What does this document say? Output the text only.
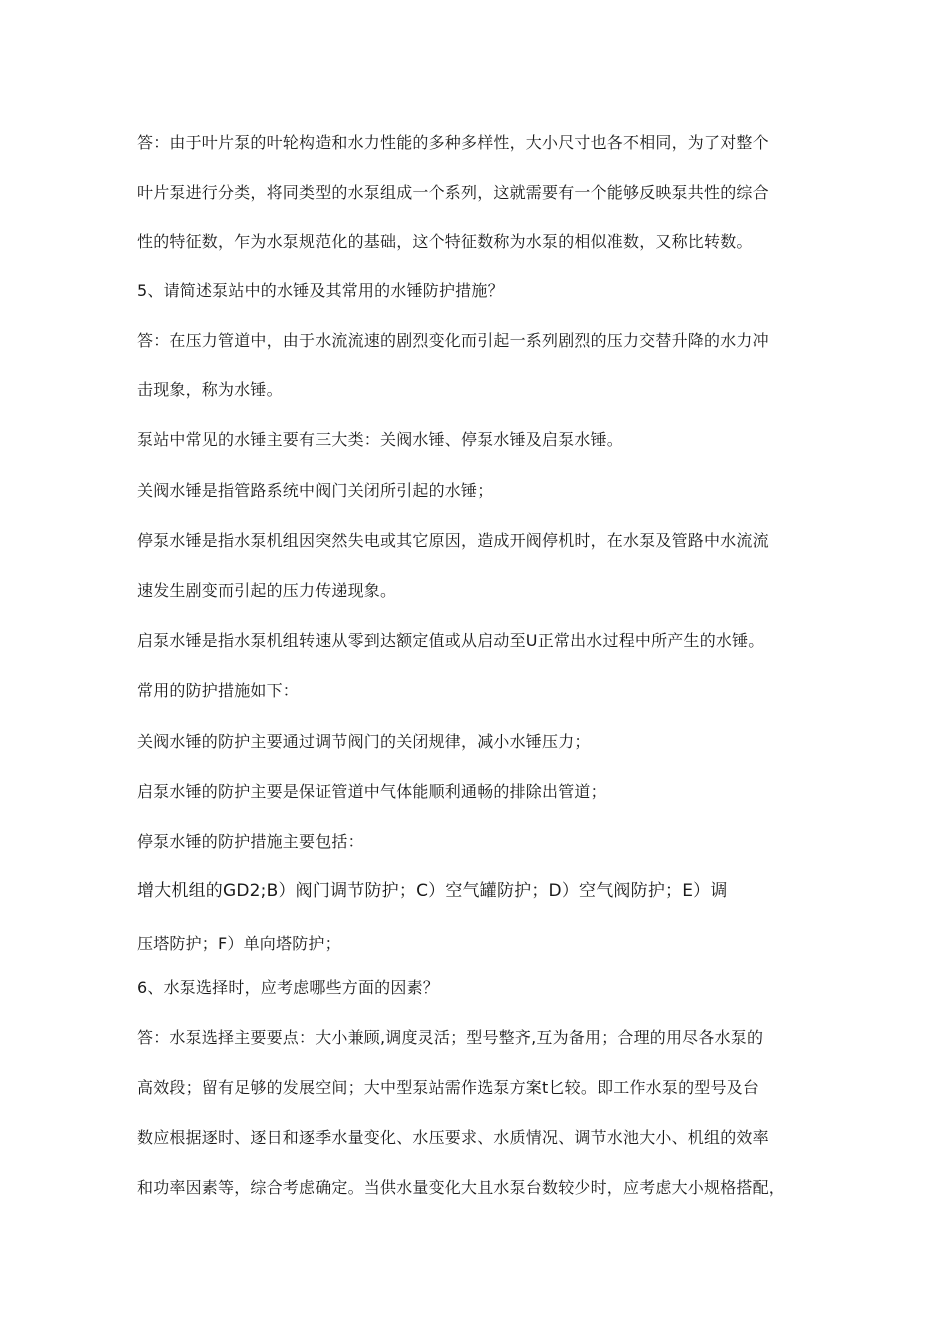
答：由于叶片泵的叶轮构造和水力性能的多种多样性，大小尺寸也各不相同，为了对整个
叶片泵进行分类，将同类型的水泵组成一个系列，这就需要有一个能够反映泵共性的综合
性的特征数，乍为水泵规范化的基础，这个特征数称为水泵的相似准数，又称比转数。
5、请简述泵站中的水锤及其常用的水锤防护措施？
答：在压力管道中，由于水流流速的剧烈变化而引起一系列剧烈的压力交替升降的水力冲
击现象，称为水锤。
泵站中常见的水锤主要有三大类：关阀水锤、停泵水锤及启泵水锤。
关阀水锤是指管路系统中阀门关闭所引起的水锤；
停泵水锤是指水泵机组因突然失电或其它原因，造成开阀停机时，在水泵及管路中水流流
速发生剧变而引起的压力传递现象。
启泵水锤是指水泵机组转速从零到达额定值或从启动至U正常出水过程中所产生的水锤。
常用的防护措施如下：
关阀水锤的防护主要通过调节阀门的关闭规律，减小水锤压力；
启泵水锤的防护主要是保证管道中气体能顺利通畅的排除出管道；
停泵水锤的防护措施主要包括：
增大机组的GD2;B）阀门调节防护；C）空气罐防护；D）空气阀防护；E）调
压塔防护；F）单向塔防护；
6、水泵选择时，应考虑哪些方面的因素？
答：水泵选择主要要点：大小兼顾,调度灵活；型号整齐,互为备用；合理的用尽各水泵的
高效段；留有足够的发展空间；大中型泵站需作选泵方案t匕较。即工作水泵的型号及台
数应根据逐时、逐日和逐季水量变化、水压要求、水质情况、调节水池大小、机组的效率
和功率因素等，综合考虑确定。当供水量变化大且水泵台数较少时，应考虑大小规格搭配，
